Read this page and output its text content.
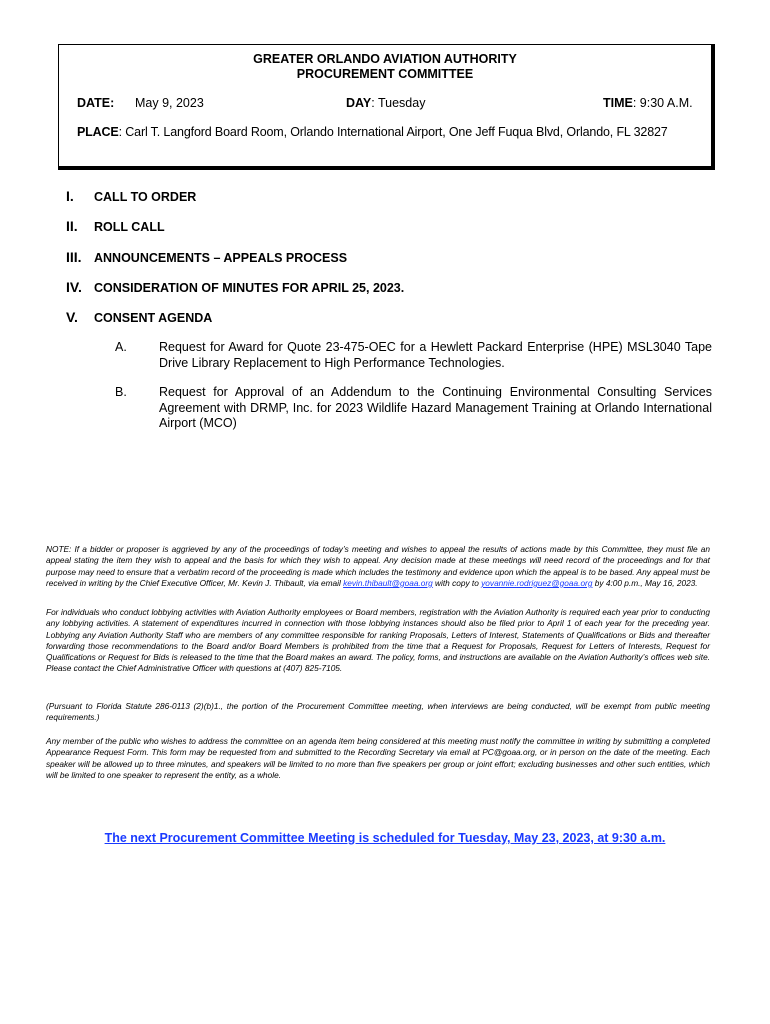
GREATER ORLANDO AVIATION AUTHORITY
PROCUREMENT COMMITTEE
DATE: May 9, 2023	DAY: Tuesday	TIME: 9:30 A.M.
PLACE: Carl T. Langford Board Room, Orlando International Airport, One Jeff Fuqua Blvd, Orlando, FL 32827
I. CALL TO ORDER
II. ROLL CALL
III. ANNOUNCEMENTS – APPEALS PROCESS
IV. CONSIDERATION OF MINUTES FOR APRIL 25, 2023.
V. CONSENT AGENDA
A.	Request for Award for Quote 23-475-OEC for a Hewlett Packard Enterprise (HPE) MSL3040 Tape Drive Library Replacement to High Performance Technologies.
B.	Request for Approval of an Addendum to the Continuing Environmental Consulting Services Agreement with DRMP, Inc. for 2023 Wildlife Hazard Management Training at Orlando International Airport (MCO)
NOTE: If a bidder or proposer is aggrieved by any of the proceedings of today’s meeting and wishes to appeal the results of actions made by this Committee, they must file an appeal stating the item they wish to appeal and the basis for which they wish to appeal. Any decision made at these meetings will need record of the proceedings and for that purpose may need to ensure that a verbatim record of the proceeding is made which includes the testimony and evidence upon which the appeal is to be based. Any appeal must be received in writing by the Chief Executive Officer, Mr. Kevin J. Thibault, via email kevin.thibault@goaa.org with copy to yovannie.rodriguez@goaa.org by 4:00 p.m., May 16, 2023.
For individuals who conduct lobbying activities with Aviation Authority employees or Board members, registration with the Aviation Authority is required each year prior to conducting any lobbying activities. A statement of expenditures incurred in connection with those lobbying instances should also be filed prior to April 1 of each year for the preceding year. Lobbying any Aviation Authority Staff who are members of any committee responsible for ranking Proposals, Letters of Interest, Statements of Qualifications or Bids and thereafter forwarding those recommendations to the Board and/or Board Members is prohibited from the time that a Request for Proposals, Request for Letters of Interests, Request for Qualifications or Request for Bids is released to the time that the Board makes an award. The policy, forms, and instructions are available on the Aviation Authority’s offices web site. Please contact the Chief Administrative Officer with questions at (407) 825-7105.
(Pursuant to Florida Statute 286-0113 (2)(b)1., the portion of the Procurement Committee meeting, when interviews are being conducted, will be exempt from public meeting requirements.)
Any member of the public who wishes to address the committee on an agenda item being considered at this meeting must notify the committee in writing by submitting a completed Appearance Request Form. This form may be requested from and submitted to the Recording Secretary via email at PC@goaa.org, or in person on the date of the meeting. Each speaker will be allowed up to three minutes, and speakers will be limited to no more than five speakers per group or joint effort; excluding businesses and other such entities, which will be limited to one speaker to represent the entity, as a whole.
The next Procurement Committee Meeting is scheduled for Tuesday, May 23, 2023, at 9:30 a.m.
